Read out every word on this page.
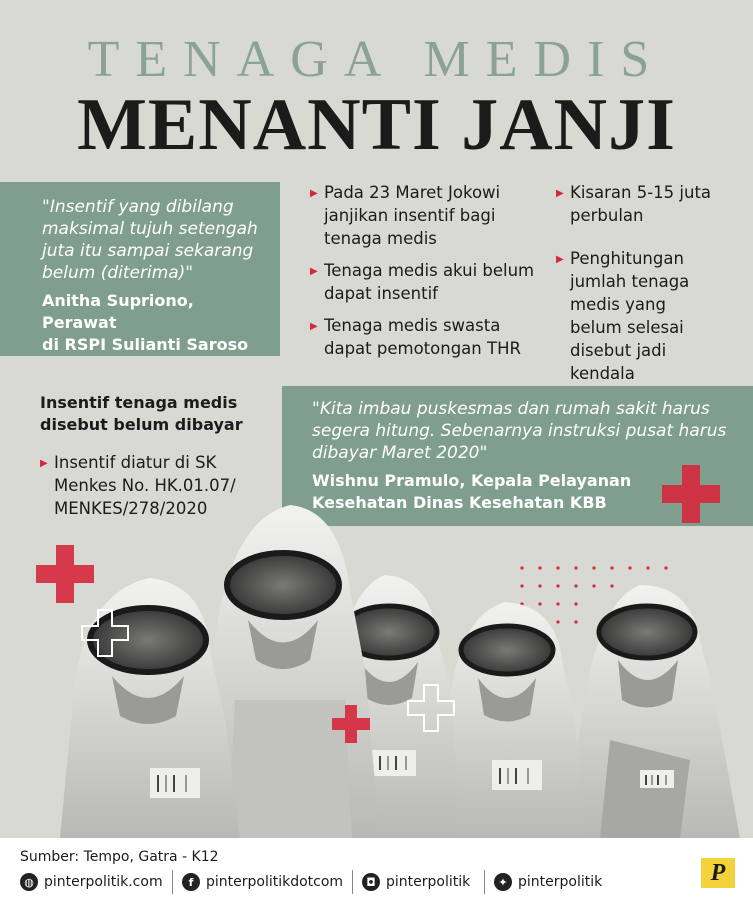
TENAGA MEDIS
MENANTI JANJI
"Insentif yang dibilang maksimal tujuh setengah juta itu sampai sekarang belum (diterima)"
Anitha Supriono, Perawat
di RSPI Sulianti Saroso
▶ Pada 23 Maret Jokowi janjikan insentif bagi tenaga medis
▶ Tenaga medis akui belum dapat insentif
▶ Tenaga medis swasta dapat pemotongan THR
▶ Kisaran 5-15 juta perbulan
▶ Penghitungan jumlah tenaga medis yang belum selesai disebut jadi kendala
Insentif tenaga medis
disebut belum dibayar
▶ Insentif diatur di SK Menkes No. HK.01.07/ MENKES/278/2020
"Kita imbau puskesmas dan rumah sakit harus segera hitung. Sebenarnya instruksi pusat harus dibayar Maret 2020"
Wishnu Pramulo, Kepala Pelayanan
Kesehatan Dinas Kesehatan KBB
Sumber: Tempo, Gatra - K12
◍ pinterpolitik.com	f pinterpolitikdotcom	◘ pinterpolitik	✦ pinterpolitik	P
